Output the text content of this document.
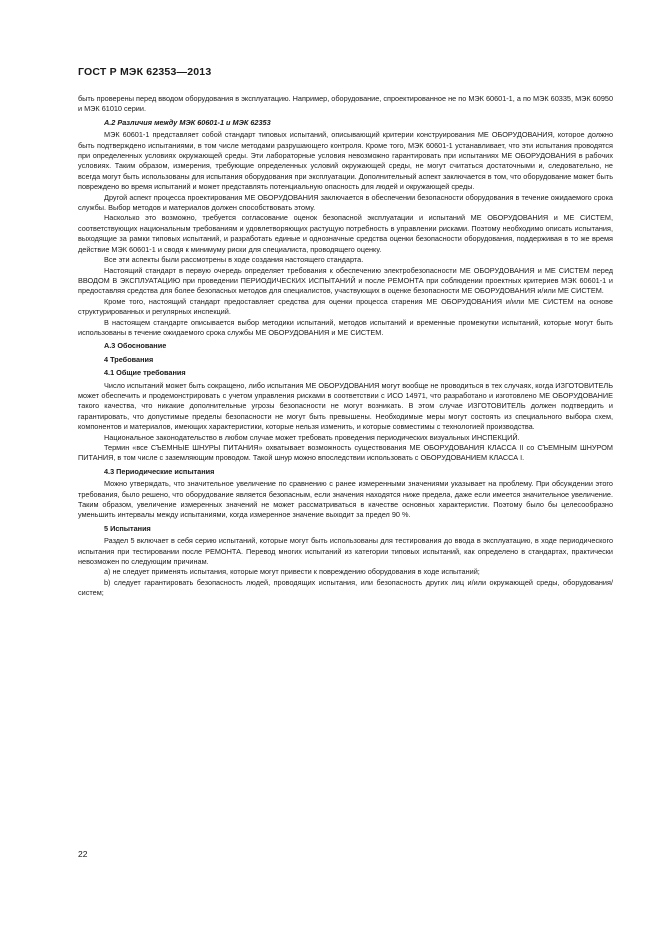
ГОСТ Р МЭК 62353—2013

быть проверены перед вводом оборудования в эксплуатацию. Например, оборудование, спроектированное не по МЭК 60601-1, а по МЭК 60335, МЭК 60950 и МЭК 61010 серии.

А.2 Различия между МЭК 60601-1 и МЭК 62353

МЭК 60601-1 представляет собой стандарт типовых испытаний, описывающий критерии конструирования МЕ ОБОРУДОВАНИЯ, которое должно быть подтверждено испытаниями, в том числе методами разрушающего контроля. Кроме того, МЭК 60601-1 устанавливает, что эти испытания проводятся при определенных условиях окружающей среды. Эти лабораторные условия невозможно гарантировать при испытаниях МЕ ОБОРУДОВАНИЯ в рабочих условиях. Таким образом, измерения, требующие определенных условий окружающей среды, не могут считаться достаточными и, следовательно, не всегда могут быть использованы для испытания оборудования при эксплуатации. Дополнительный аспект заключается в том, что оборудование может быть повреждено во время испытаний и может представлять потенциальную опасность для людей и окружающей среды.

Другой аспект процесса проектирования МЕ ОБОРУДОВАНИЯ заключается в обеспечении безопасности оборудования в течение ожидаемого срока службы. Выбор методов и материалов должен способствовать этому.

Насколько это возможно, требуется согласование оценок безопасной эксплуатации и испытаний МЕ ОБОРУДОВАНИЯ и МЕ СИСТЕМ, соответствующих национальным требованиям и удовлетворяющих растущую потребность в управлении рисками. Поэтому необходимо описать испытания, выходящие за рамки типовых испытаний, и разработать единые и однозначные средства оценки безопасности оборудования, поддерживая в то же время действие МЭК 60601-1 и сводя к минимуму риски для специалиста, проводящего оценку.

Все эти аспекты были рассмотрены в ходе создания настоящего стандарта.

Настоящий стандарт в первую очередь определяет требования к обеспечению электробезопасности МЕ ОБОРУДОВАНИЯ и МЕ СИСТЕМ перед ВВОДОМ В ЭКСПЛУАТАЦИЮ при проведении ПЕРИОДИЧЕСКИХ ИСПЫТАНИЙ и после РЕМОНТА при соблюдении проектных критериев МЭК 60601-1 и предоставляя средства для более безопасных методов для специалистов, участвующих в оценке безопасности МЕ ОБОРУДОВАНИЯ и/или МЕ СИСТЕМ.

Кроме того, настоящий стандарт предоставляет средства для оценки процесса старения МЕ ОБОРУДОВАНИЯ и/или МЕ СИСТЕМ на основе структурированных и регулярных инспекций.

В настоящем стандарте описывается выбор методики испытаний, методов испытаний и временные промежутки испытаний, которые могут быть использованы в течение ожидаемого срока службы МЕ ОБОРУДОВАНИЯ и МЕ СИСТЕМ.

А.3 Обоснование

4 Требования

4.1 Общие требования

Число испытаний может быть сокращено, либо испытания МЕ ОБОРУДОВАНИЯ могут вообще не проводиться в тех случаях, когда ИЗГОТОВИТЕЛЬ может обеспечить и продемонстрировать с учетом управления рисками в соответствии с ИСО 14971, что разработано и изготовлено МЕ ОБОРУДОВАНИЕ такого качества, что никакие дополнительные угрозы безопасности не могут возникать. В этом случае ИЗГОТОВИТЕЛЬ должен подтвердить и гарантировать, что допустимые пределы безопасности не могут быть превышены. Необходимые меры могут состоять из специального выбора схем, компонентов и материалов, имеющих характеристики, которые нельзя изменить, и которые совместимы с технологией производства.

Национальное законодательство в любом случае может требовать проведения периодических визуальных ИНСПЕКЦИЙ.

Термин «все СЪЕМНЫЕ ШНУРЫ ПИТАНИЯ» охватывает возможность существования МЕ ОБОРУДОВАНИЯ КЛАССА II со СЪЕМНЫМ ШНУРОМ ПИТАНИЯ, в том числе с заземляющим проводом. Такой шнур можно впоследствии использовать с ОБОРУДОВАНИЕМ КЛАССА I.

4.3 Периодические испытания

Можно утверждать, что значительное увеличение по сравнению с ранее измеренными значениями указывает на проблему. При обсуждении этого требования, было решено, что оборудование является безопасным, если значения находятся ниже предела, даже если имеется значительное увеличение. Таким образом, увеличение измеренных значений не может рассматриваться в качестве основных характеристик. Поэтому было бы целесообразно уменьшить интервалы между испытаниями, когда измеренное значение выходит за предел 90 %.

5 Испытания

Раздел 5 включает в себя серию испытаний, которые могут быть использованы для тестирования до ввода в эксплуатацию, в ходе периодического испытания при тестировании после РЕМОНТА. Перевод многих испытаний из категории типовых испытаний, как определено в стандартах, практически невозможен по следующим причинам.

а) не следует применять испытания, которые могут привести к повреждению оборудования в ходе испытаний;

b) следует гарантировать безопасность людей, проводящих испытания, или безопасность других лиц и/или окружающей среды, оборудования/систем;

22
